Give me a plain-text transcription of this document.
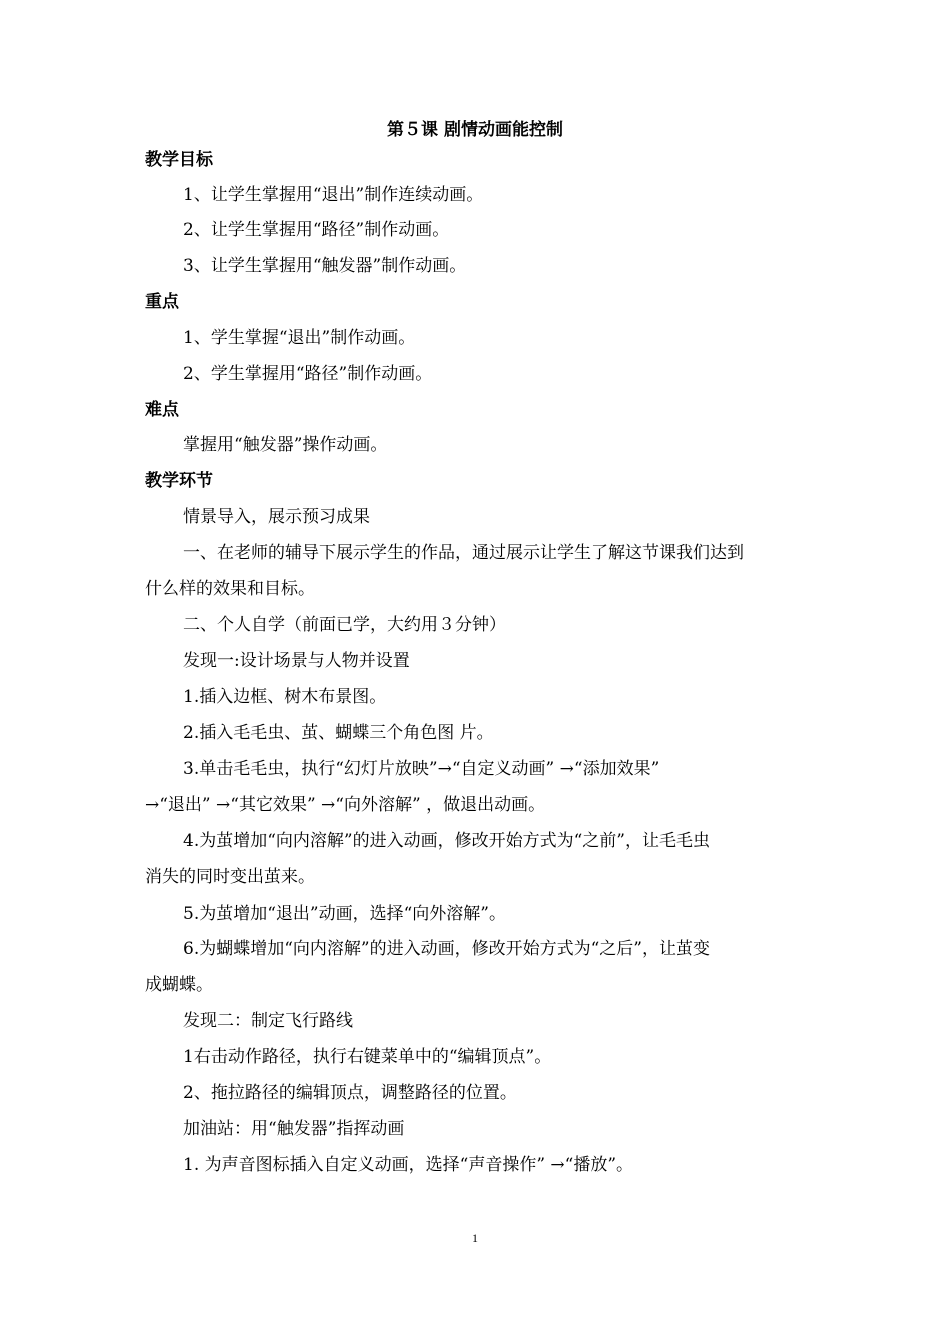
第５课 剧情动画能控制
教学目标
1、让学生掌握用“退出”制作连续动画。
2、让学生掌握用“路径”制作动画。
3、让学生掌握用“触发器”制作动画。
重点
1、学生掌握“退出”制作动画。
2、学生掌握用“路径”制作动画。
难点
掌握用“触发器”操作动画。
教学环节
情景导入，展示预习成果
一、在老师的辅导下展示学生的作品，通过展示让学生了解这节课我们达到
什么样的效果和目标。
二、个人自学（前面已学，大约用３分钟）
发现一:设计场景与人物并设置
1.插入边框、树木布景图。
2.插入毛毛虫、茧、蝴蝶三个角色图 片。
3.单击毛毛虫，执行“幻灯片放映”→“自定义动画” →“添加效果”
→“退出” →“其它效果” →“向外溶解” ，做退出动画。
4.为茧增加“向内溶解”的进入动画，修改开始方式为“之前”，让毛毛虫
消失的同时变出茧来。
5.为茧增加“退出”动画，选择“向外溶解”。
6.为蝴蝶增加“向内溶解”的进入动画，修改开始方式为“之后”，让茧变
成蝴蝶。
发现二：制定飞行路线
1右击动作路径，执行右键菜单中的“编辑顶点”。
2、拖拉路径的编辑顶点，调整路径的位置。
加油站：用“触发器”指挥动画
1. 为声音图标插入自定义动画，选择“声音操作” →“播放”。
1
